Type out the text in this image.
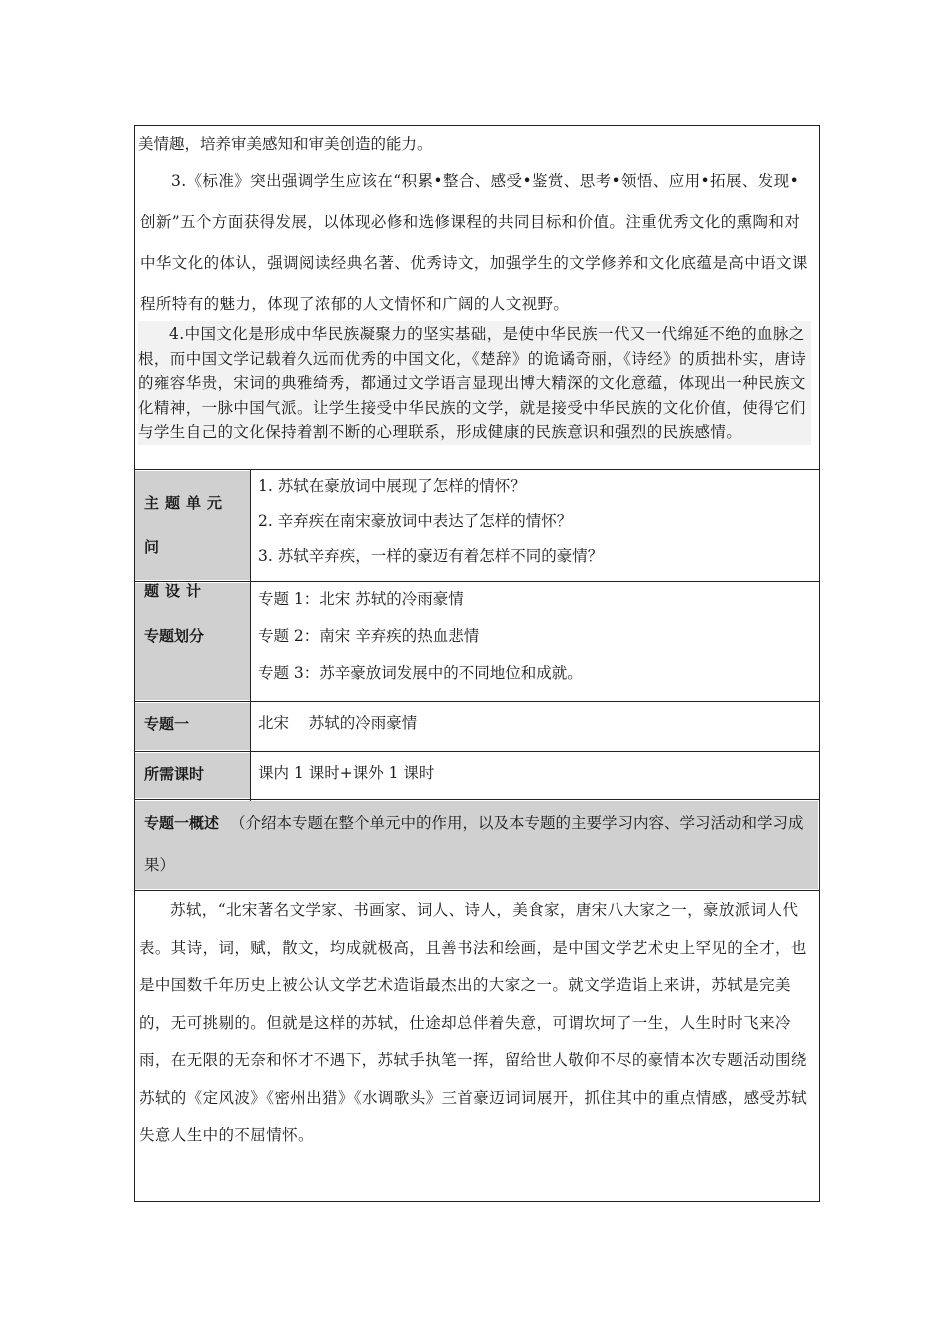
美情趣，培养审美感知和审美创造的能力。
3.《标准》突出强调学生应该在“积累•整合、感受•鉴赏、思考•领悟、应用•拓展、发现•创新”五个方面获得发展，以体现必修和选修课程的共同目标和价值。注重优秀文化的熏陶和对中华文化的体认，强调阅读经典名著、优秀诗文，加强学生的文学修养和文化底蕴是高中语文课程所特有的魅力，体现了浓郁的人文情怀和广阔的人文视野。
4.中国文化是形成中华民族凝聚力的坚实基础，是使中华民族一代又一代绵延不绝的血脉之根，而中国文学记载着久远而优秀的中国文化，《楚辞》的诡谲奇丽，《诗经》的质拙朴实，唐诗的雍容华贵，宋词的典雅绮秀，都通过文学语言显现出博大精深的文化意蕴，体现出一种民族文化精神，一脉中国气派。让学生接受中华民族的文学，就是接受中华民族的文化价值，使得它们与学生自己的文化保持着割不断的心理联系，形成健康的民族意识和强烈的民族感情。
主题单元问
题设计
1. 苏轼在豪放词中展现了怎样的情怀？
2. 辛弃疾在南宋豪放词中表达了怎样的情怀？
3. 苏轼辛弃疾，一样的豪迈有着怎样不同的豪情？
专题划分
专题 1：北宋 苏轼的冷雨豪情
专题 2：南宋 辛弃疾的热血悲情
专题 3：苏辛豪放词发展中的不同地位和成就。
专题一	北宋    苏轼的冷雨豪情
所需课时	课内 1 课时+课外 1 课时
专题一概述 （介绍本专题在整个单元中的作用，以及本专题的主要学习内容、学习活动和学习成果）
苏轼，“北宋著名文学家、书画家、词人、诗人，美食家，唐宋八大家之一，豪放派词人代表。其诗，词，赋，散文，均成就极高，且善书法和绘画，是中国文学艺术史上罕见的全才，也是中国数千年历史上被公认文学艺术造诣最杰出的大家之一。就文学造诣上来讲，苏轼是完美的，无可挑剔的。但就是这样的苏轼，仕途却总伴着失意，可谓坎坷了一生，人生时时飞来冷雨，在无限的无奈和怀才不遇下，苏轼手执笔一挥，留给世人敬仰不尽的豪情本次专题活动围绕苏轼的《定风波》《密州出猎》《水调歌头》三首豪迈词词展开，抓住其中的重点情感，感受苏轼失意人生中的不屈情怀。
